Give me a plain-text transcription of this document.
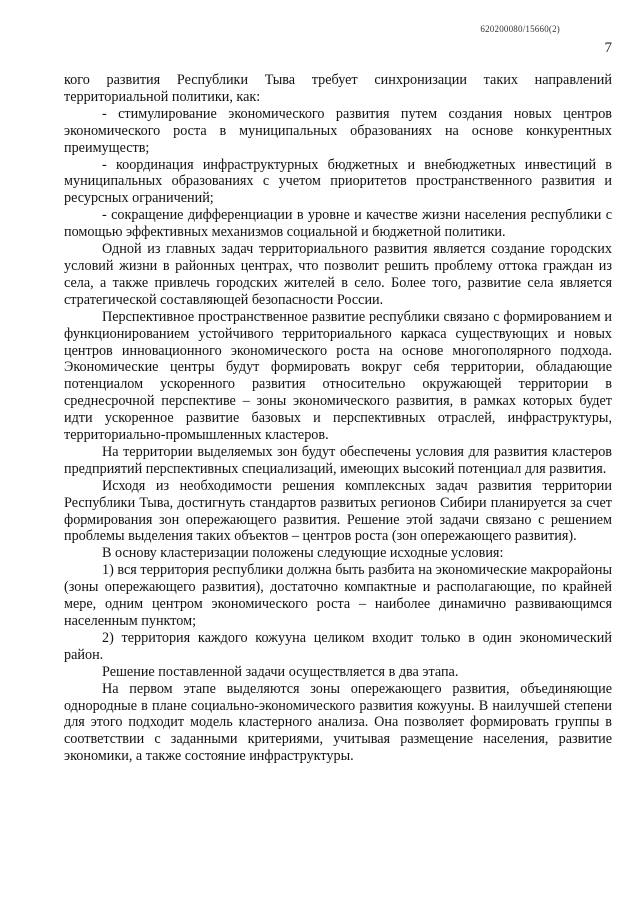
620200080/15660(2)
7

кого развития Республики Тыва требует синхронизации таких направлений территориальной политики, как:

- стимулирование экономического развития путем создания новых центров экономического роста в муниципальных образованиях на основе конкурентных преимуществ;

- координация инфраструктурных бюджетных и внебюджетных инвестиций в муниципальных образованиях с учетом приоритетов пространственного развития и ресурсных ограничений;

- сокращение дифференциации в уровне и качестве жизни населения республики с помощью эффективных механизмов социальной и бюджетной политики.

Одной из главных задач территориального развития является создание городских условий жизни в районных центрах, что позволит решить проблему оттока граждан из села, а также привлечь городских жителей в село. Более того, развитие села является стратегической составляющей безопасности России.

Перспективное пространственное развитие республики связано с формированием и функционированием устойчивого территориального каркаса существующих и новых центров инновационного экономического роста на основе многополярного подхода. Экономические центры будут формировать вокруг себя территории, обладающие потенциалом ускоренного развития относительно окружающей территории в среднесрочной перспективе – зоны экономического развития, в рамках которых будет идти ускоренное развитие базовых и перспективных отраслей, инфраструктуры, территориально-промышленных кластеров.

На территории выделяемых зон будут обеспечены условия для развития кластеров предприятий перспективных специализаций, имеющих высокий потенциал для развития.

Исходя из необходимости решения комплексных задач развития территории Республики Тыва, достигнуть стандартов развитых регионов Сибири планируется за счет формирования зон опережающего развития. Решение этой задачи связано с решением проблемы выделения таких объектов – центров роста (зон опережающего развития).

В основу кластеризации положены следующие исходные условия:

1) вся территория республики должна быть разбита на экономические макрорайоны (зоны опережающего развития), достаточно компактные и располагающие, по крайней мере, одним центром экономического роста – наиболее динамично развивающимся населенным пунктом;

2) территория каждого кожууна целиком входит только в один экономический район.

Решение поставленной задачи осуществляется в два этапа.

На первом этапе выделяются зоны опережающего развития, объединяющие однородные в плане социально-экономического развития кожууны. В наилучшей степени для этого подходит модель кластерного анализа. Она позволяет формировать группы в соответствии с заданными критериями, учитывая размещение населения, развитие экономики, а также состояние инфраструктуры.
